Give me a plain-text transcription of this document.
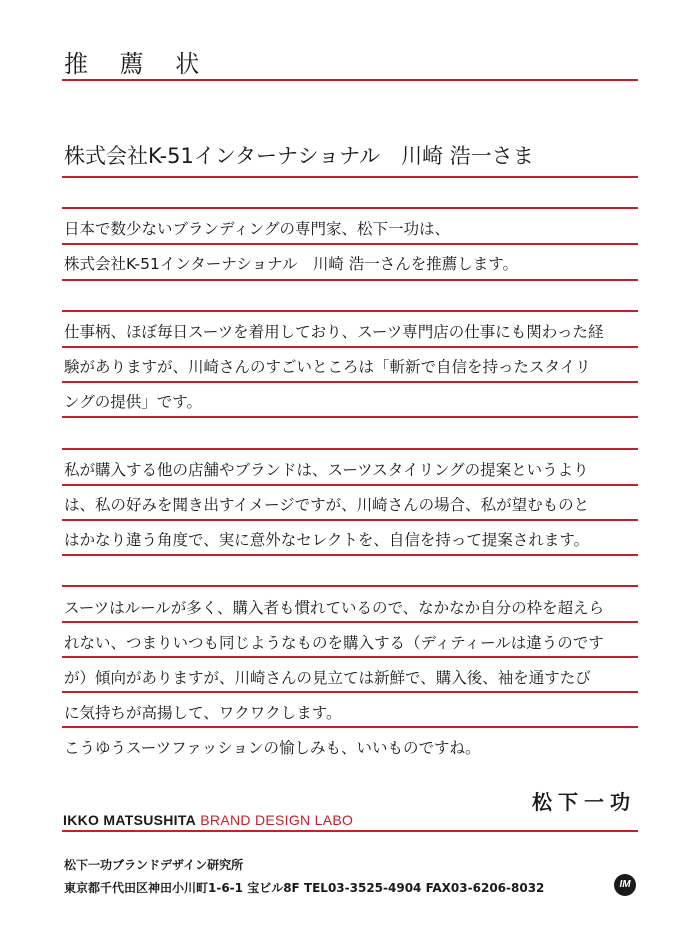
推 薦 状
株式会社K-51インターナショナル　川崎 浩一さま
日本で数少ないブランディングの専門家、松下一功は、
株式会社K-51インターナショナル　川崎 浩一さんを推薦します。
仕事柄、ほぼ毎日スーツを着用しており、スーツ専門店の仕事にも関わった経
験がありますが、川崎さんのすごいところは「斬新で自信を持ったスタイリ
ングの提供」です。
私が購入する他の店舗やブランドは、スーツスタイリングの提案というより
は、私の好みを聞き出すイメージですが、川崎さんの場合、私が望むものと
はかなり違う角度で、実に意外なセレクトを、自信を持って提案されます。
スーツはルールが多く、購入者も慣れているので、なかなか自分の枠を超えら
れない、つまりいつも同じようなものを購入する（ディティールは違うのです
が）傾向がありますが、川崎さんの見立ては新鮮で、購入後、袖を通すたび
に気持ちが高揚して、ワクワクします。
こうゆうスーツファッションの愉しみも、いいものですね。
松下一功
IKKO MATSUSHITA BRAND DESIGN LABO
松下一功ブランドデザイン研究所
東京都千代田区神田小川町1-6-1 宝ビル8F TEL03-3525-4904 FAX03-6206-8032	IM
